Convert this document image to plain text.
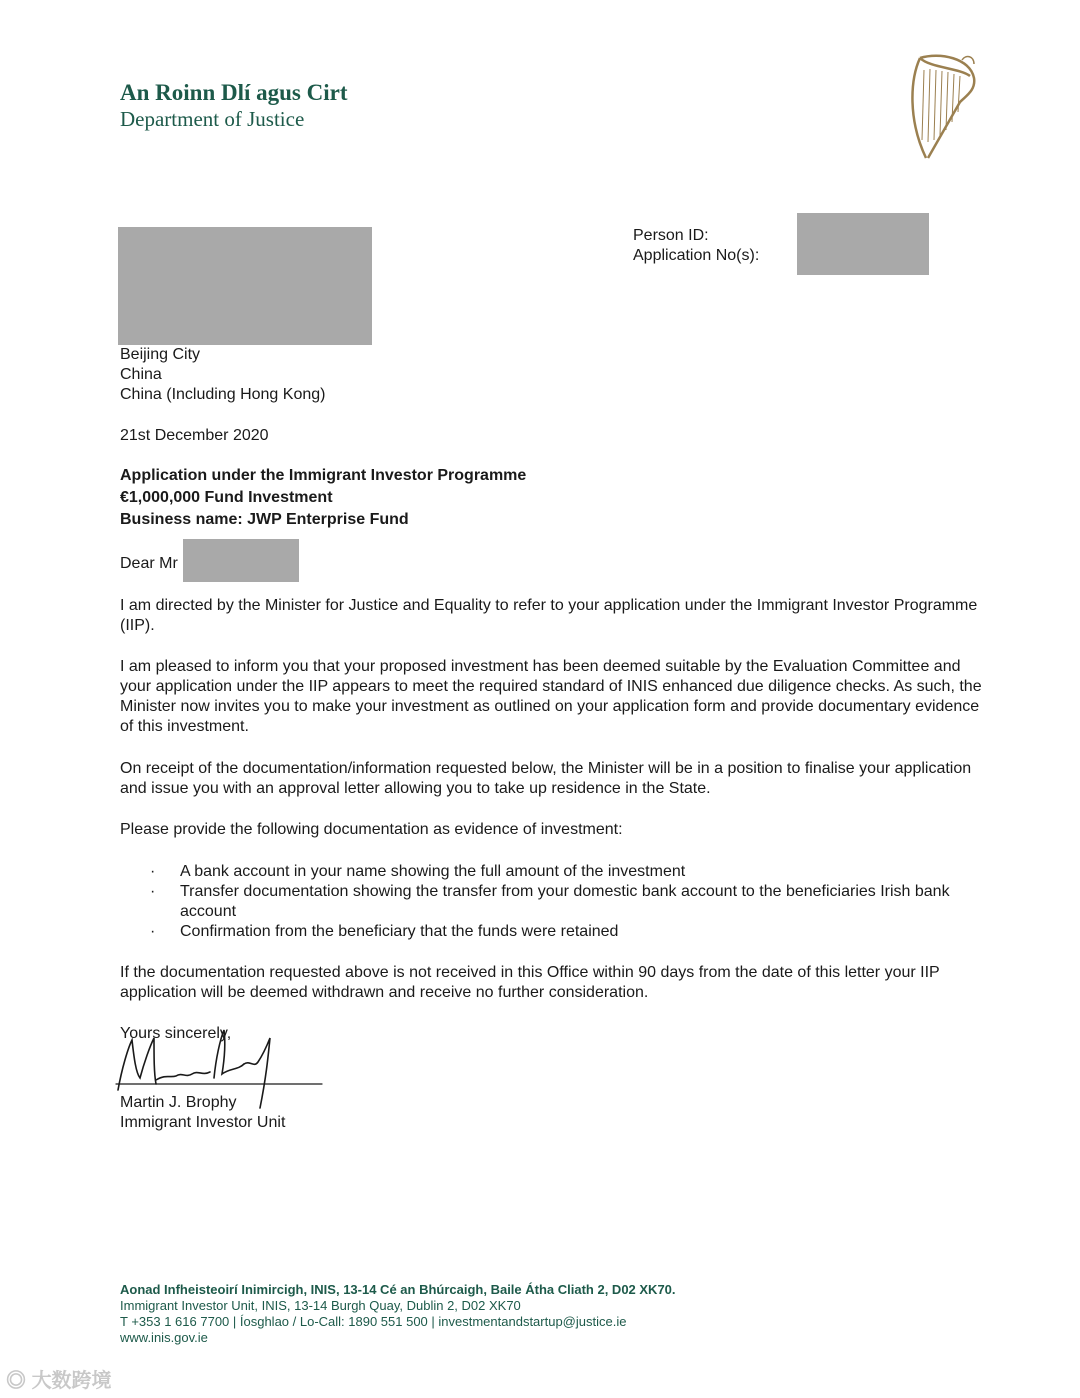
An Roinn Dlí agus Cirt
Department of Justice
Person ID:
Application No(s):
Beijing City
China
China (Including Hong Kong)
21st December 2020
Application under the Immigrant Investor Programme
€1,000,000 Fund Investment
Business name: JWP Enterprise Fund
Dear Mr
I am directed by the Minister for Justice and Equality to refer to your application under the Immigrant Investor Programme (IIP).
I am pleased to inform you that your proposed investment has been deemed suitable by the Evaluation Committee and your application under the IIP appears to meet the required standard of INIS enhanced due diligence checks. As such, the Minister now invites you to make your investment as outlined on your application form and provide documentary evidence of this investment.
On receipt of the documentation/information requested below, the Minister will be in a position to finalise your application and issue you with an approval letter allowing you to take up residence in the State.
Please provide the following documentation as evidence of investment:
·	A bank account in your name showing the full amount of the investment
·	Transfer documentation showing the transfer from your domestic bank account to the beneficiaries Irish bank account
·	Confirmation from the beneficiary that the funds were retained
If the documentation requested above is not received in this Office within 90 days from the date of this letter your IIP application will be deemed withdrawn and receive no further consideration.
Yours sincerely,
Martin J. Brophy
Immigrant Investor Unit
Aonad Infheisteoirí Inimircigh, INIS, 13-14 Cé an Bhúrcaigh, Baile Átha Cliath 2, D02 XK70.
Immigrant Investor Unit, INIS, 13-14 Burgh Quay, Dublin 2, D02 XK70
T +353 1 616 7700 | Íosghlao / Lo-Call: 1890 551 500 | investmentandstartup@justice.ie
www.inis.gov.ie
◎ 大数跨境
